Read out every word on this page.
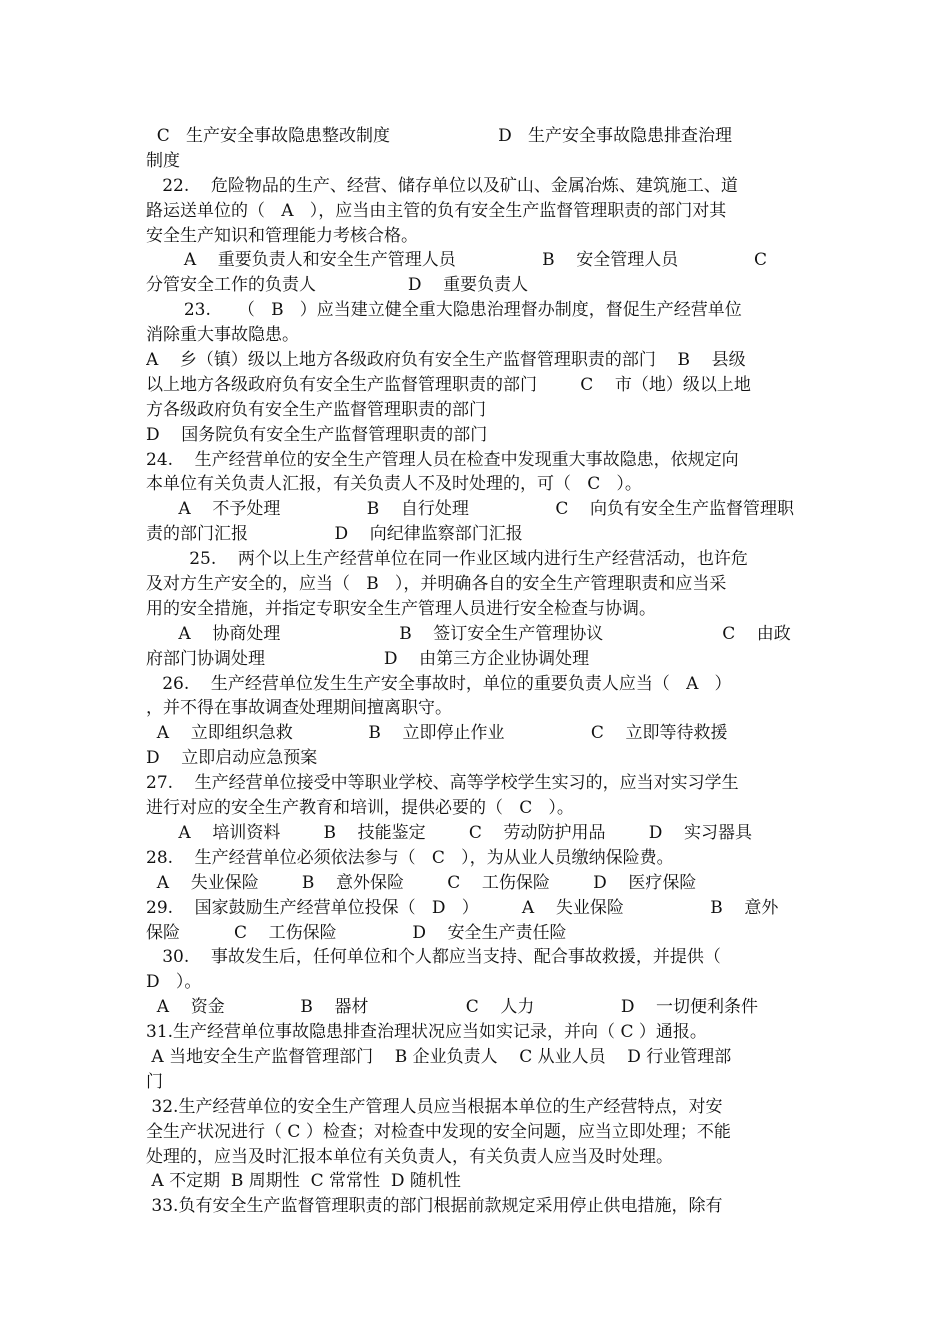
C   生产安全事故隐患整改制度                    D   生产安全事故隐患排查治理
制度
22.    危险物品的生产、经营、储存单位以及矿山、金属冶炼、建筑施工、道
路运送单位的（   A   ），应当由主管的负有安全生产监督管理职责的部门对其
安全生产知识和管理能力考核合格。
A    重要负责人和安全生产管理人员                B    安全管理人员              C
分管安全工作的负责人                 D    重要负责人
23.     （   B   ）应当建立健全重大隐患治理督办制度，督促生产经营单位
消除重大事故隐患。
A    乡（镇）级以上地方各级政府负有安全生产监督管理职责的部门    B    县级
以上地方各级政府负有安全生产监督管理职责的部门        C    市（地）级以上地
方各级政府负有安全生产监督管理职责的部门
D    国务院负有安全生产监督管理职责的部门
24.    生产经营单位的安全生产管理人员在检查中发现重大事故隐患，依规定向
本单位有关负责人汇报，有关负责人不及时处理的，可（   C   ）。
A    不予处理                B    自行处理                C    向负有安全生产监督管理职
责的部门汇报                D    向纪律监察部门汇报
25.    两个以上生产经营单位在同一作业区域内进行生产经营活动，也许危
及对方生产安全的，应当（   B   ），并明确各自的安全生产管理职责和应当采
用的安全措施，并指定专职安全生产管理人员进行安全检查与协调。
A    协商处理                      B    签订安全生产管理协议                      C    由政
府部门协调处理                      D    由第三方企业协调处理
26.    生产经营单位发生生产安全事故时，单位的重要负责人应当（   A   ）
，并不得在事故调查处理期间擅离职守。
A    立即组织急救              B    立即停止作业                C    立即等待救援
D    立即启动应急预案
27.    生产经营单位接受中等职业学校、高等学校学生实习的，应当对实习学生
进行对应的安全生产教育和培训，提供必要的（   C   ）。
A    培训资料        B    技能鉴定        C    劳动防护用品        D    实习器具
28.    生产经营单位必须依法参与（   C   ），为从业人员缴纳保险费。
A    失业保险        B    意外保险        C    工伤保险        D    医疗保险
29.    国家鼓励生产经营单位投保（   D   ）        A    失业保险                B    意外
保险          C    工伤保险              D    安全生产责任险
30.    事故发生后，任何单位和个人都应当支持、配合事故救援，并提供（
D   ）。
A    资金              B    器材                  C    人力                D    一切便利条件
31.生产经营单位事故隐患排查治理状况应当如实记录，并向（ C ）通报。
A 当地安全生产监督管理部门    B 企业负责人    C 从业人员    D 行业管理部
门
32.生产经营单位的安全生产管理人员应当根据本单位的生产经营特点，对安
全生产状况进行（ C ）检查；对检查中发现的安全问题，应当立即处理；不能
处理的，应当及时汇报本单位有关负责人，有关负责人应当及时处理。
A 不定期  B 周期性  C 常常性  D 随机性
33.负有安全生产监督管理职责的部门根据前款规定采用停止供电措施，除有
